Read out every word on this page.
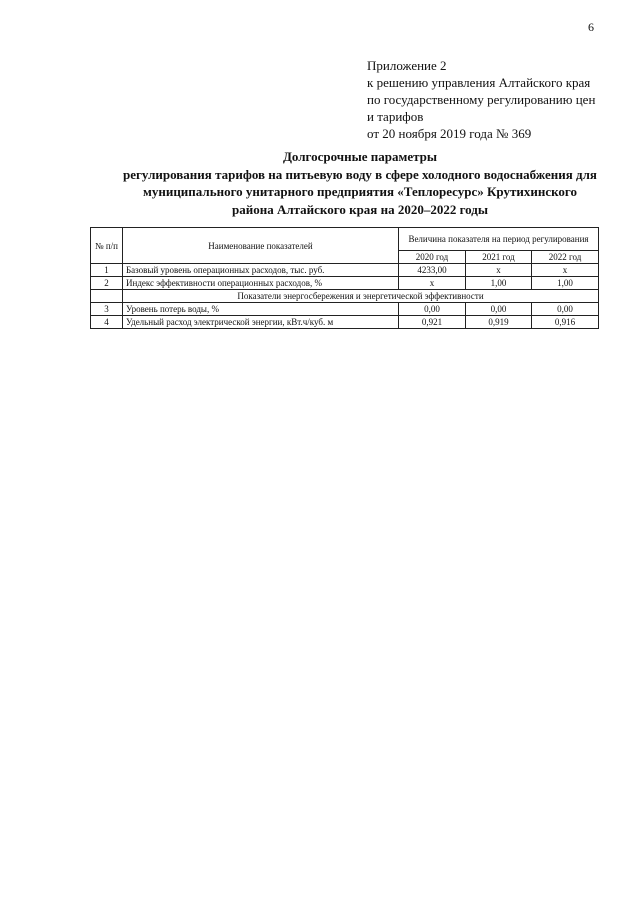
6
Приложение 2
к решению управления Алтайского края
по государственному регулированию цен
и тарифов
от 20 ноября 2019 года № 369
Долгосрочные параметры
регулирования тарифов на питьевую воду в сфере холодного водоснабжения для
муниципального унитарного предприятия «Теплоресурс» Крутихинского
района Алтайского края на 2020–2022 годы
№ п/п	Наименование показателей	Величина показателя на период регулирования		
		2020 год	2021 год	2022 год
1	Базовый уровень операционных расходов, тыс. руб.	4233,00	х	х
2	Индекс эффективности операционных расходов, %	х	1,00	1,00
	Показатели энергосбережения и энергетической эффективности			
3	Уровень потерь воды, %	0,00	0,00	0,00
4	Удельный расход электрической энергии, кВт.ч/куб. м	0,921	0,919	0,916
